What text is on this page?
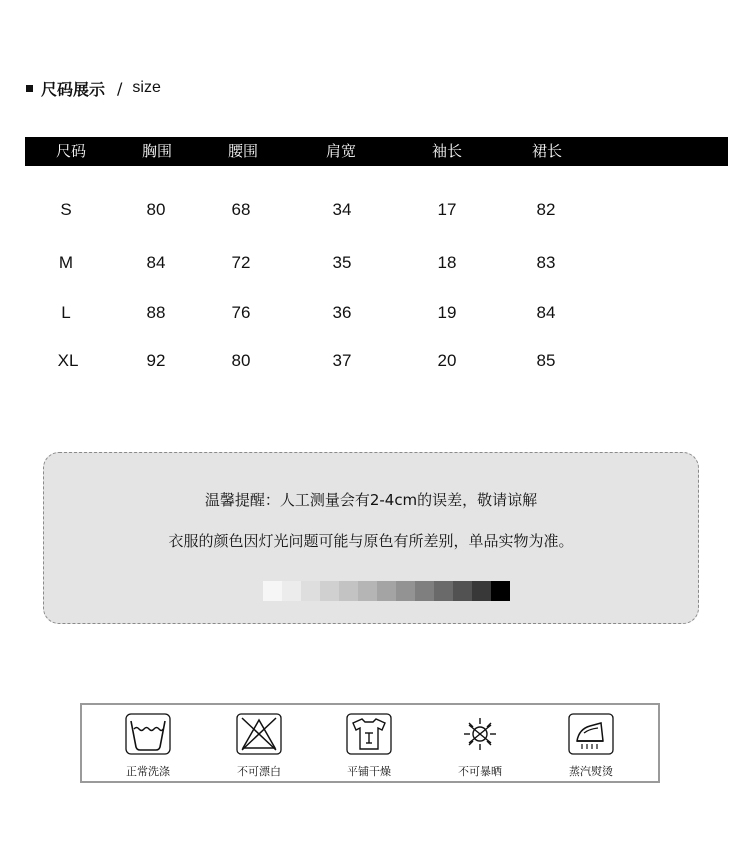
尺码展示 / size
尺码	胸围	腰围	肩宽	袖长	裙长
S	80	68	34	17	82
M	84	72	35	18	83
L	88	76	36	19	84
XL	92	80	37	20	85
温馨提醒：人工测量会有2-4cm的误差，敬请谅解
衣服的颜色因灯光问题可能与原色有所差别，单品实物为准。
正常洗涤	不可漂白	平铺干燥	不可暴晒	蒸汽熨烫
